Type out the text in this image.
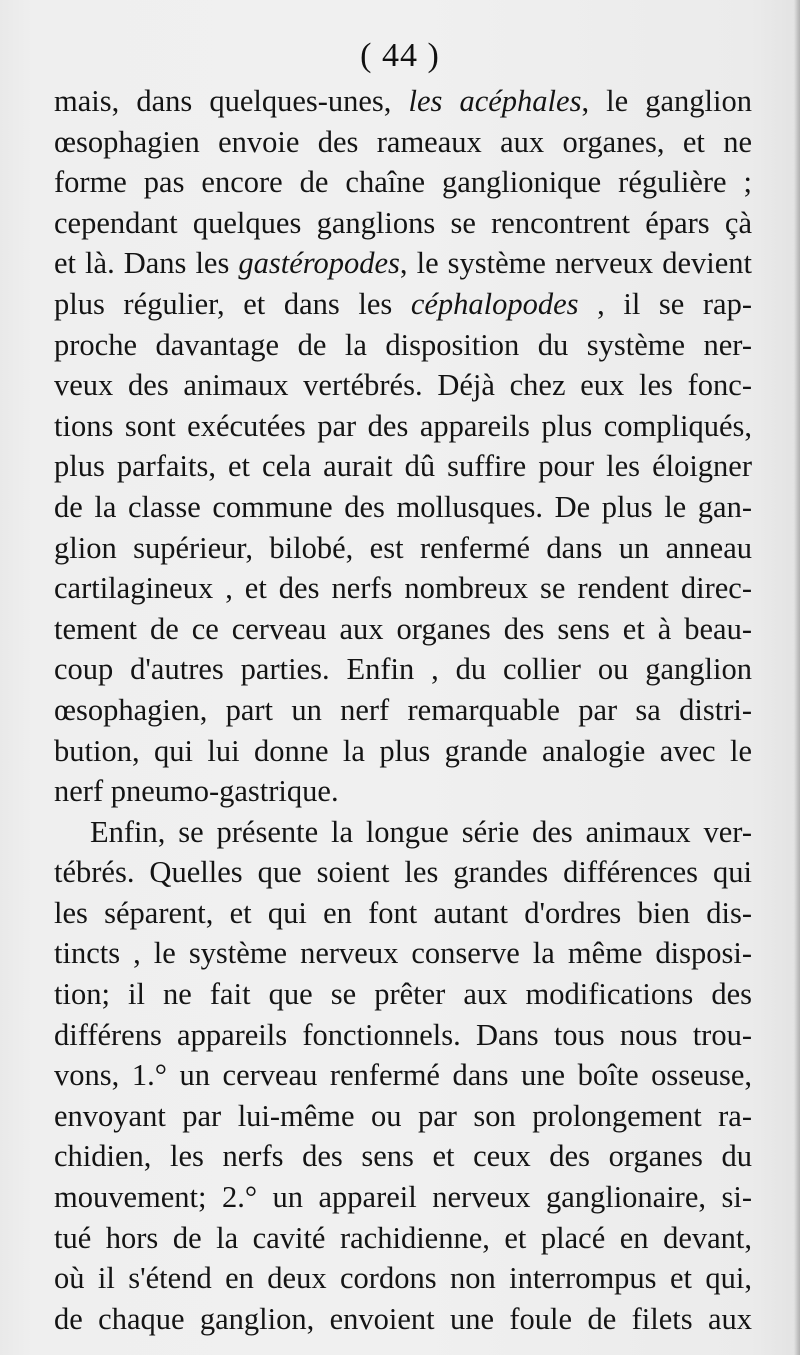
( 44 )
mais, dans quelques-unes, les acéphales, le ganglion
œsophagien envoie des rameaux aux organes, et ne
forme pas encore de chaîne ganglionique régulière ;
cependant quelques ganglions se rencontrent épars çà
et là. Dans les gastéropodes, le système nerveux devient
plus régulier, et dans les céphalopodes , il se rap-
proche davantage de la disposition du système ner-
veux des animaux vertébrés. Déjà chez eux les fonc-
tions sont exécutées par des appareils plus compliqués,
plus parfaits, et cela aurait dû suffire pour les éloigner
de la classe commune des mollusques. De plus le gan-
glion supérieur, bilobé, est renfermé dans un anneau
cartilagineux , et des nerfs nombreux se rendent direc-
tement de ce cerveau aux organes des sens et à beau-
coup d'autres parties. Enfin , du collier ou ganglion
œsophagien, part un nerf remarquable par sa distri-
bution, qui lui donne la plus grande analogie avec le
nerf pneumo-gastrique.
Enfin, se présente la longue série des animaux ver-
tébrés. Quelles que soient les grandes différences qui
les séparent, et qui en font autant d'ordres bien dis-
tincts , le système nerveux conserve la même disposi-
tion; il ne fait que se prêter aux modifications des
différens appareils fonctionnels. Dans tous nous trou-
vons, 1.° un cerveau renfermé dans une boîte osseuse,
envoyant par lui-même ou par son prolongement ra-
chidien, les nerfs des sens et ceux des organes du
mouvement; 2.° un appareil nerveux ganglionaire, si-
tué hors de la cavité rachidienne, et placé en devant,
où il s'étend en deux cordons non interrompus et qui,
de chaque ganglion, envoient une foule de filets aux
